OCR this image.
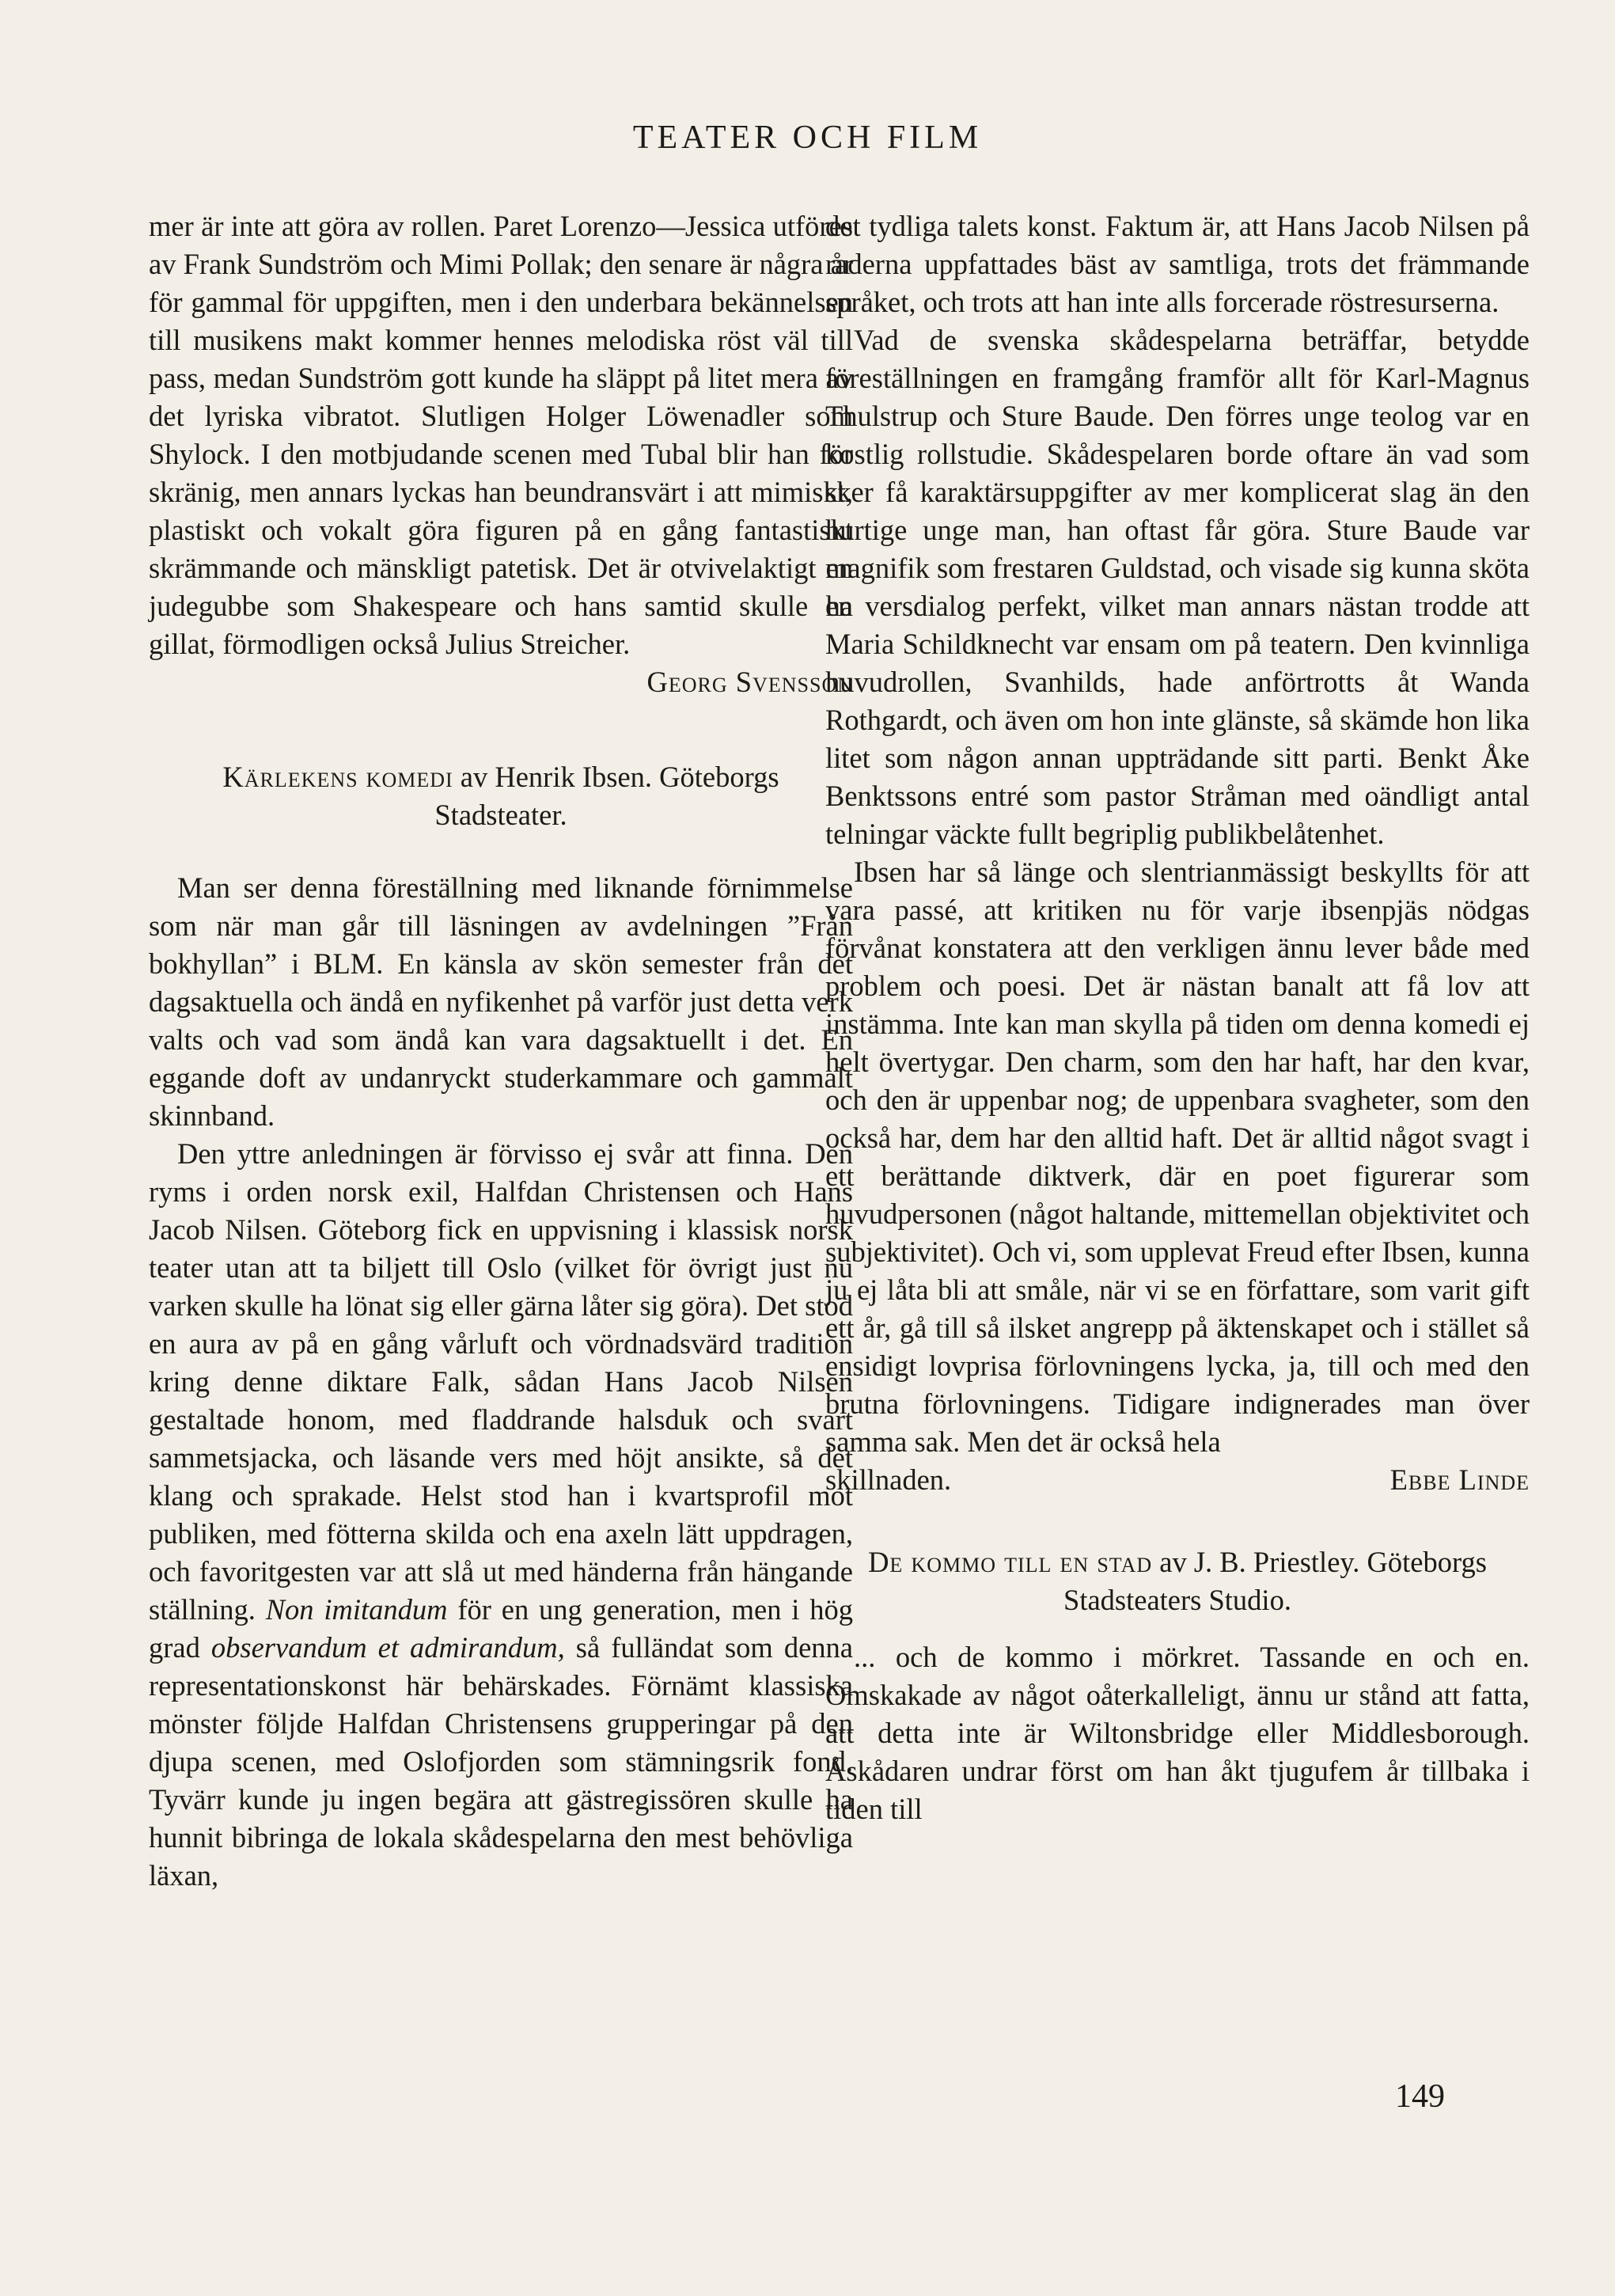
TEATER OCH FILM

mer är inte att göra av rollen. Paret Lorenzo—Jessica utföres av Frank Sundström och Mimi Pollak; den senare är några år för gammal för uppgiften, men i den underbara bekännelsen till musikens makt kommer hennes melodiska röst väl till pass, medan Sundström gott kunde ha släppt på litet mera av det lyriska vibratot. Slutligen Holger Löwenadler som Shylock. I den motbjudande scenen med Tubal blir han för skränig, men annars lyckas han beundransvärt i att mimiskt, plastiskt och vokalt göra figuren på en gång fantastiskt skrämmande och mänskligt patetisk. Det är otvivelaktigt en judegubbe som Shakespeare och hans samtid skulle ha gillat, förmodligen också Julius Streicher.

Georg Svensson

Kärlekens komedi av Henrik Ibsen. Göteborgs Stadsteater.

Man ser denna föreställning med liknande förnimmelse som när man går till läsningen av avdelningen ”Från bokhyllan” i BLM. En känsla av skön semester från det dagsaktuella och ändå en nyfikenhet på varför just detta verk valts och vad som ändå kan vara dagsaktuellt i det. En eggande doft av undanryckt studerkammare och gammalt skinnband.

Den yttre anledningen är förvisso ej svår att finna. Den ryms i orden norsk exil, Halfdan Christensen och Hans Jacob Nilsen. Göteborg fick en uppvisning i klassisk norsk teater utan att ta biljett till Oslo (vilket för övrigt just nu varken skulle ha lönat sig eller gärna låter sig göra). Det stod en aura av på en gång vårluft och vördnadsvärd tradition kring denne diktare Falk, sådan Hans Jacob Nilsen gestaltade honom, med fladdrande halsduk och svart sammetsjacka, och läsande vers med höjt ansikte, så det klang och sprakade. Helst stod han i kvartsprofil mot publiken, med fötterna skilda och ena axeln lätt uppdragen, och favoritgesten var att slå ut med händerna från hängande ställning. Non imitandum för en ung generation, men i hög grad observandum et admirandum, så fulländat som denna representationskonst här behärskades. Förnämt klassiska mönster följde Halfdan Christensens grupperingar på den djupa scenen, med Oslofjorden som stämningsrik fond. Tyvärr kunde ju ingen begära att gästregissören skulle ha hunnit bibringa de lokala skådespelarna den mest behövliga läxan,

det tydliga talets konst. Faktum är, att Hans Jacob Nilsen på raderna uppfattades bäst av samtliga, trots det främmande språket, och trots att han inte alls forcerade röstresurserna.

Vad de svenska skådespelarna beträffar, betydde föreställningen en framgång framför allt för Karl-Magnus Thulstrup och Sture Baude. Den förres unge teolog var en kostlig rollstudie. Skådespelaren borde oftare än vad som sker få karaktärsuppgifter av mer komplicerat slag än den hurtige unge man, han oftast får göra. Sture Baude var magnifik som frestaren Guldstad, och visade sig kunna sköta en versdialog perfekt, vilket man annars nästan trodde att Maria Schildknecht var ensam om på teatern. Den kvinnliga huvudrollen, Svanhilds, hade anförtrotts åt Wanda Rothgardt, och även om hon inte glänste, så skämde hon lika litet som någon annan uppträdande sitt parti. Benkt Åke Benktssons entré som pastor Stråman med oändligt antal telningar väckte fullt begriplig publikbelåtenhet.

Ibsen har så länge och slentrianmässigt beskyllts för att vara passé, att kritiken nu för varje ibsenpjäs nödgas förvånat konstatera att den verkligen ännu lever både med problem och poesi. Det är nästan banalt att få lov att instämma. Inte kan man skylla på tiden om denna komedi ej helt övertygar. Den charm, som den har haft, har den kvar, och den är uppenbar nog; de uppenbara svagheter, som den också har, dem har den alltid haft. Det är alltid något svagt i ett berättande diktverk, där en poet figurerar som huvudpersonen (något haltande, mittemellan objektivitet och subjektivitet). Och vi, som upplevat Freud efter Ibsen, kunna ju ej låta bli att småle, när vi se en författare, som varit gift ett år, gå till så ilsket angrepp på äktenskapet och i stället så ensidigt lovprisa förlovningens lycka, ja, till och med den brutna förlovningens. Tidigare indignerades man över samma sak. Men det är också hela

skillnaden.	Ebbe Linde

De kommo till en stad av J. B. Priestley. Göteborgs Stadsteaters Studio.

... och de kommo i mörkret. Tassande en och en. Omskakade av något oåterkalleligt, ännu ur stånd att fatta, att detta inte är Wiltonsbridge eller Middlesborough. Åskådaren undrar först om han åkt tjugufem år tillbaka i tiden till

149
